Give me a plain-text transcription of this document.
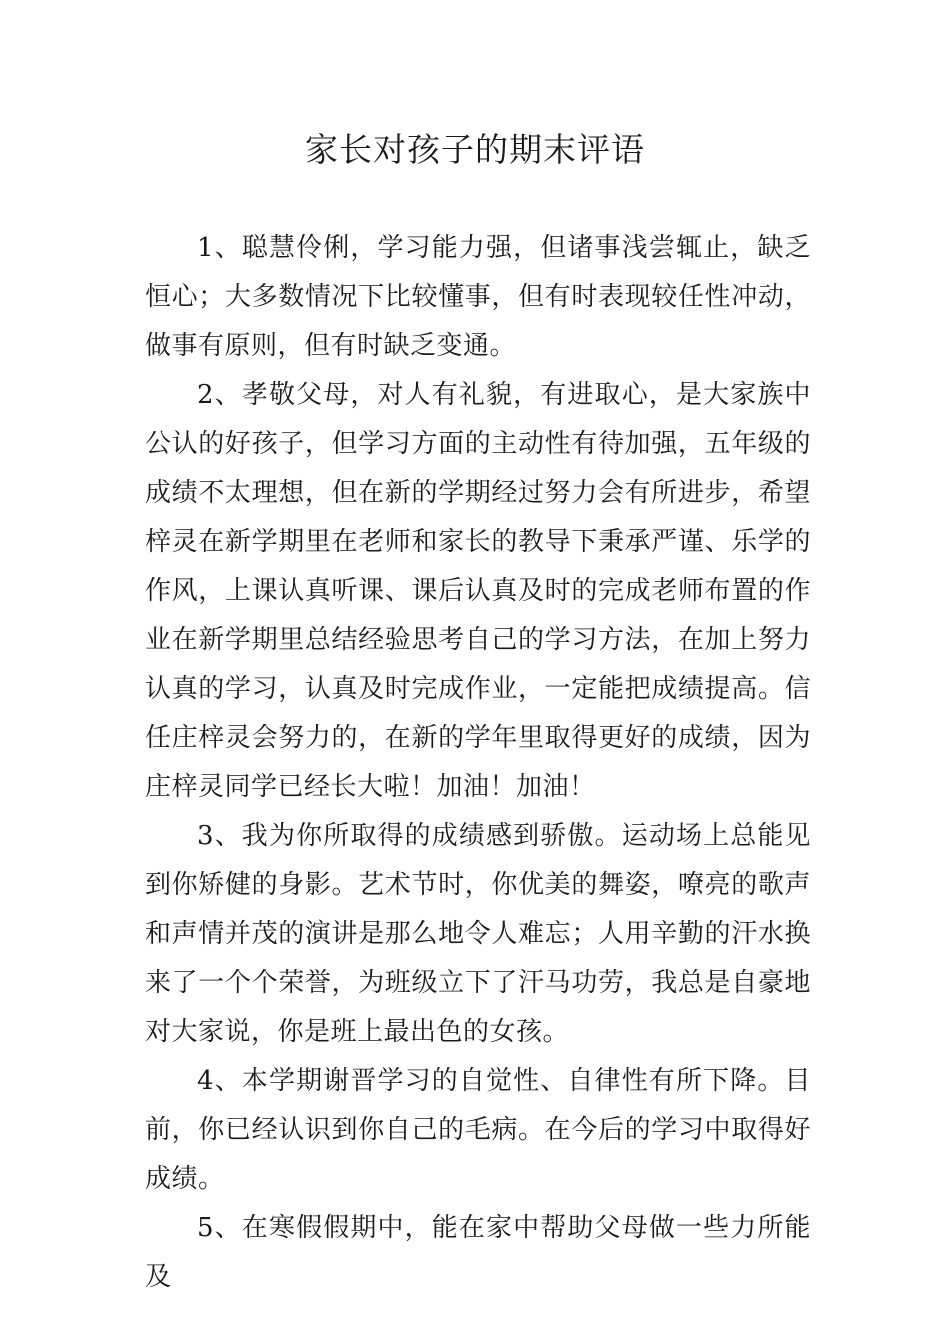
家长对孩子的期末评语

1、聪慧伶俐，学习能力强，但诸事浅尝辄止，缺乏恒心；大多数情况下比较懂事，但有时表现较任性冲动，做事有原则，但有时缺乏变通。

2、孝敬父母，对人有礼貌，有进取心，是大家族中公认的好孩子，但学习方面的主动性有待加强，五年级的成绩不太理想，但在新的学期经过努力会有所进步，希望梓灵在新学期里在老师和家长的教导下秉承严谨、乐学的作风，上课认真听课、课后认真及时的完成老师布置的作业在新学期里总结经验思考自己的学习方法，在加上努力认真的学习，认真及时完成作业，一定能把成绩提高。信任庄梓灵会努力的，在新的学年里取得更好的成绩，因为庄梓灵同学已经长大啦！加油！加油！

3、我为你所取得的成绩感到骄傲。运动场上总能见到你矫健的身影。艺术节时，你优美的舞姿，嘹亮的歌声和声情并茂的演讲是那么地令人难忘；人用辛勤的汗水换来了一个个荣誉，为班级立下了汗马功劳，我总是自豪地对大家说，你是班上最出色的女孩。

4、本学期谢晋学习的自觉性、自律性有所下降。目前，你已经认识到你自己的毛病。在今后的学习中取得好成绩。

5、在寒假假期中，能在家中帮助父母做一些力所能及
